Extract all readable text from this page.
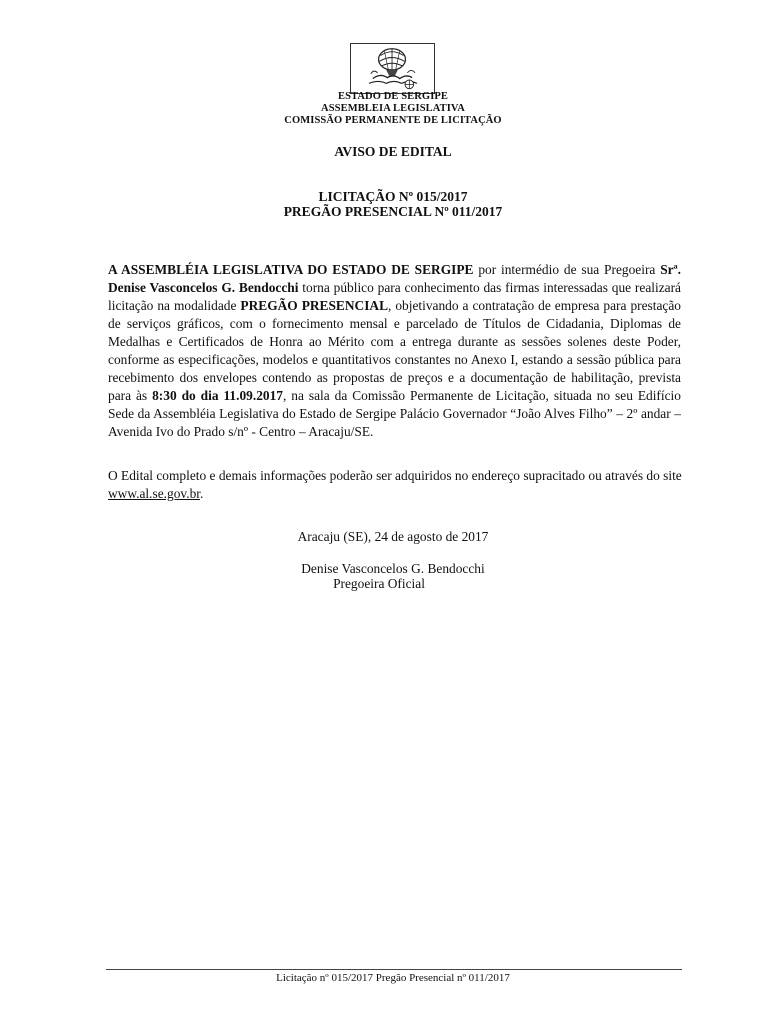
ESTADO DE SERGIPE
ASSEMBLEIA LEGISLATIVA
COMISSÃO PERMANENTE DE LICITAÇÃO
AVISO DE EDITAL
LICITAÇÃO Nº 015/2017
PREGÃO PRESENCIAL Nº 011/2017
A ASSEMBLÉIA LEGISLATIVA DO ESTADO DE SERGIPE por intermédio de sua Pregoeira Srª. Denise Vasconcelos G. Bendocchi torna público para conhecimento das firmas interessadas que realizará licitação na modalidade PREGÃO PRESENCIAL, objetivando a contratação de empresa para prestação de serviços gráficos, com o fornecimento mensal e parcelado de Títulos de Cidadania, Diplomas de Medalhas e Certificados de Honra ao Mérito com a entrega durante as sessões solenes deste Poder, conforme as especificações, modelos e quantitativos constantes no Anexo I, estando a sessão pública para recebimento dos envelopes contendo as propostas de preços e a documentação de habilitação, prevista para às 8:30 do dia 11.09.2017, na sala da Comissão Permanente de Licitação, situada no seu Edifício Sede da Assembléia Legislativa do Estado de Sergipe Palácio Governador “João Alves Filho” – 2º andar – Avenida Ivo do Prado s/nº - Centro – Aracaju/SE.
O Edital completo e demais informações poderão ser adquiridos no endereço supracitado ou através do site www.al.se.gov.br.
Aracaju (SE), 24 de agosto de 2017
Denise Vasconcelos G. Bendocchi
Pregoeira Oficial
Licitação nº 015/2017 Pregão Presencial nº 011/2017
